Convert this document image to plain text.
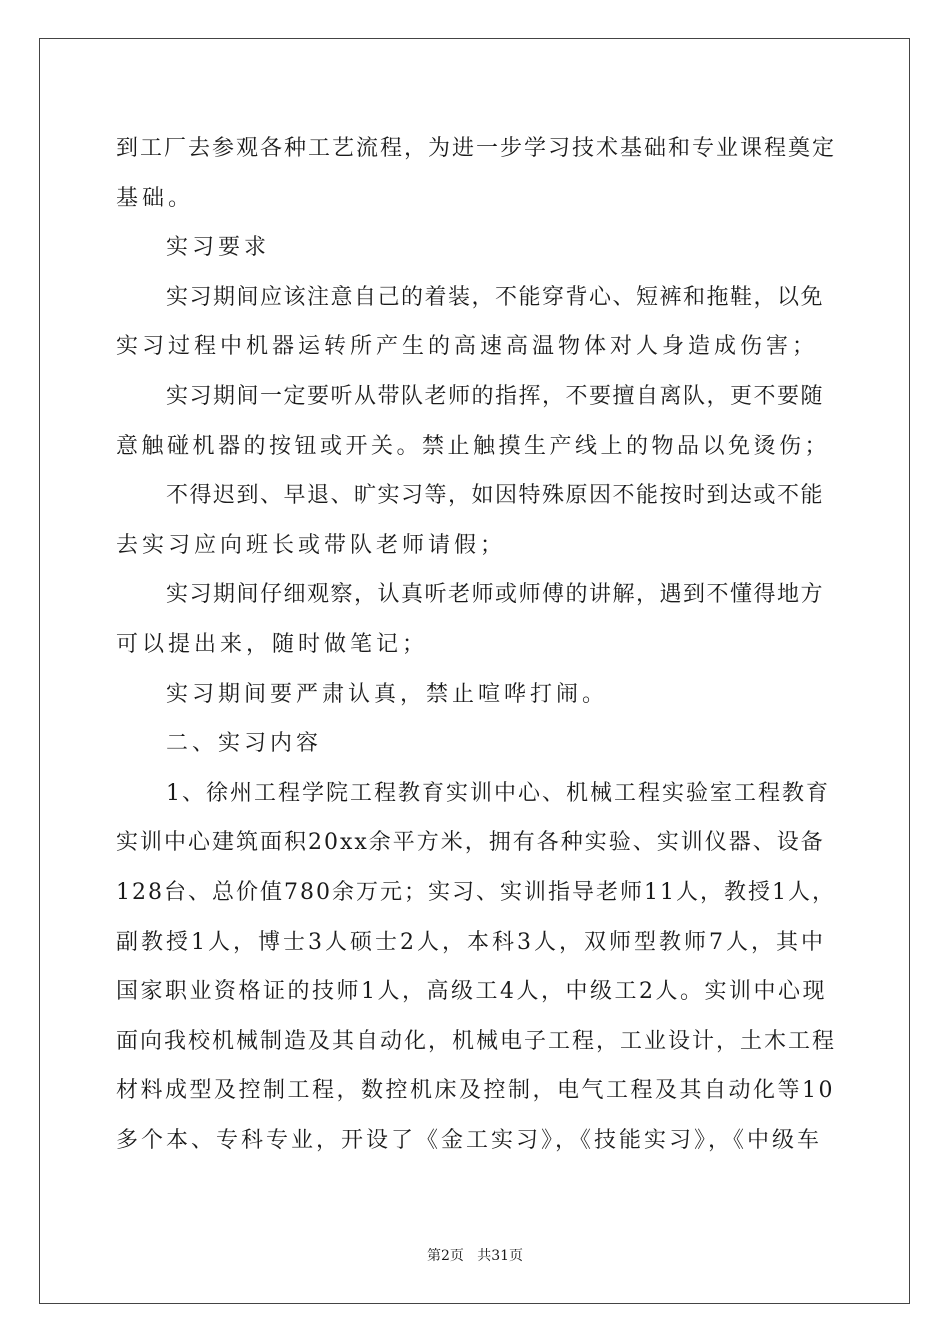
到工厂去参观各种工艺流程，为进一步学习技术基础和专业课程奠定
基础。
实习要求
实习期间应该注意自己的着装，不能穿背心、短裤和拖鞋，以免
实习过程中机器运转所产生的高速高温物体对人身造成伤害；
实习期间一定要听从带队老师的指挥，不要擅自离队，更不要随
意触碰机器的按钮或开关。禁止触摸生产线上的物品以免烫伤；
不得迟到、早退、旷实习等，如因特殊原因不能按时到达或不能
去实习应向班长或带队老师请假；
实习期间仔细观察，认真听老师或师傅的讲解，遇到不懂得地方
可以提出来，随时做笔记；
实习期间要严肃认真，禁止喧哗打闹。
二、实习内容
1、徐州工程学院工程教育实训中心、机械工程实验室工程教育
实训中心建筑面积20xx余平方米，拥有各种实验、实训仪器、设备
128台、总价值780余万元；实习、实训指导老师11人，教授1人，
副教授1人，博士3人硕士2人，本科3人，双师型教师7人，其中
国家职业资格证的技师1人，高级工4人，中级工2人。实训中心现
面向我校机械制造及其自动化，机械电子工程，工业设计，土木工程
材料成型及控制工程，数控机床及控制，电气工程及其自动化等10
多个本、专科专业，开设了《金工实习》，《技能实习》，《中级车
第2页   共31页
